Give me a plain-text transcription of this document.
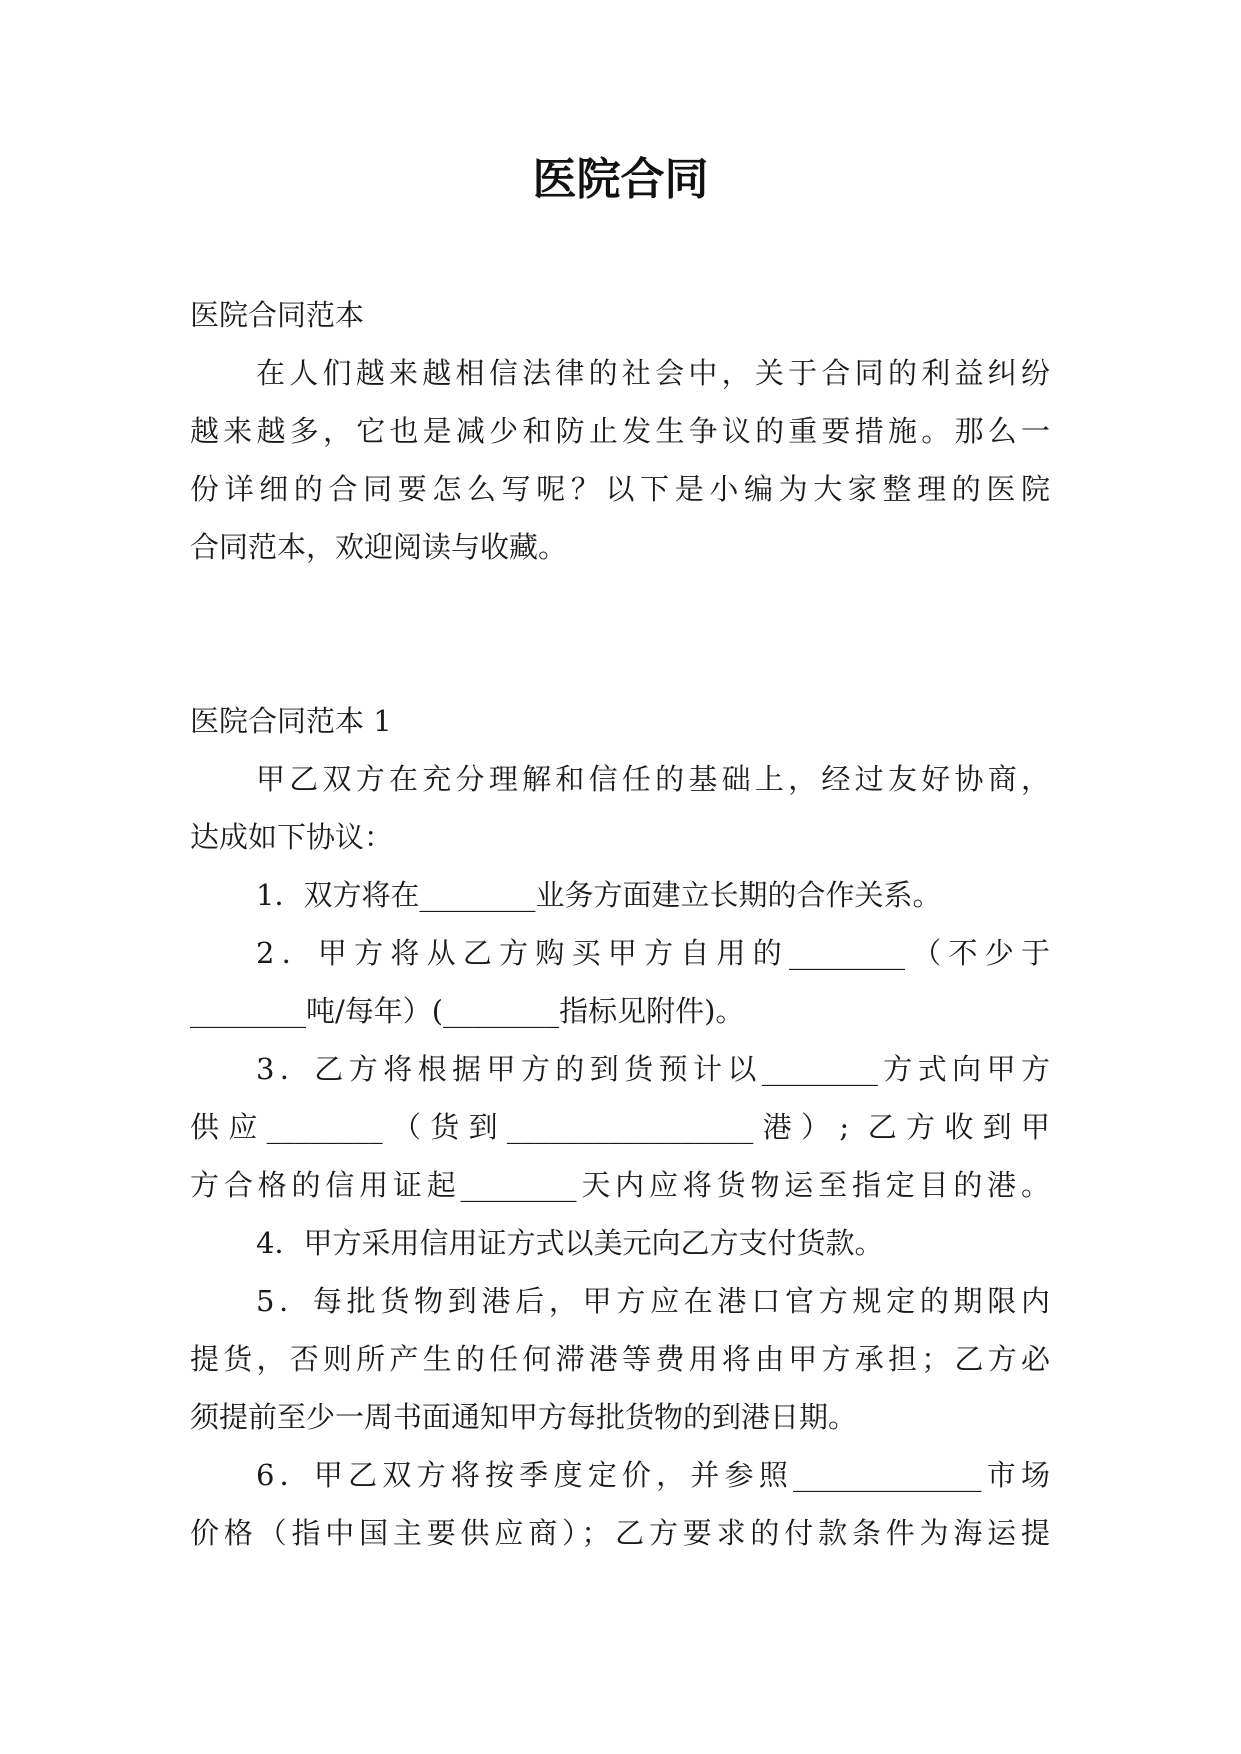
医院合同
医院合同范本
在人们越来越相信法律的社会中，关于合同的利益纠纷
越来越多，它也是减少和防止发生争议的重要措施。那么一
份详细的合同要怎么写呢？以下是小编为大家整理的医院
合同范本，欢迎阅读与收藏。
医院合同范本 1
甲乙双方在充分理解和信任的基础上，经过友好协商，
达成如下协议：
1．双方将在________业务方面建立长期的合作关系。
2．甲方将从乙方购买甲方自用的________（不少于
________吨/每年）(________指标见附件)。
3．乙方将根据甲方的到货预计以________方式向甲方
供应________（货到_________________港）; 乙方收到甲
方合格的信用证起________天内应将货物运至指定目的港。
4．甲方采用信用证方式以美元向乙方支付货款。
5．每批货物到港后，甲方应在港口官方规定的期限内
提货，否则所产生的任何滞港等费用将由甲方承担；乙方必
须提前至少一周书面通知甲方每批货物的到港日期。
6．甲乙双方将按季度定价，并参照_____________市场
价格（指中国主要供应商）；乙方要求的付款条件为海运提
